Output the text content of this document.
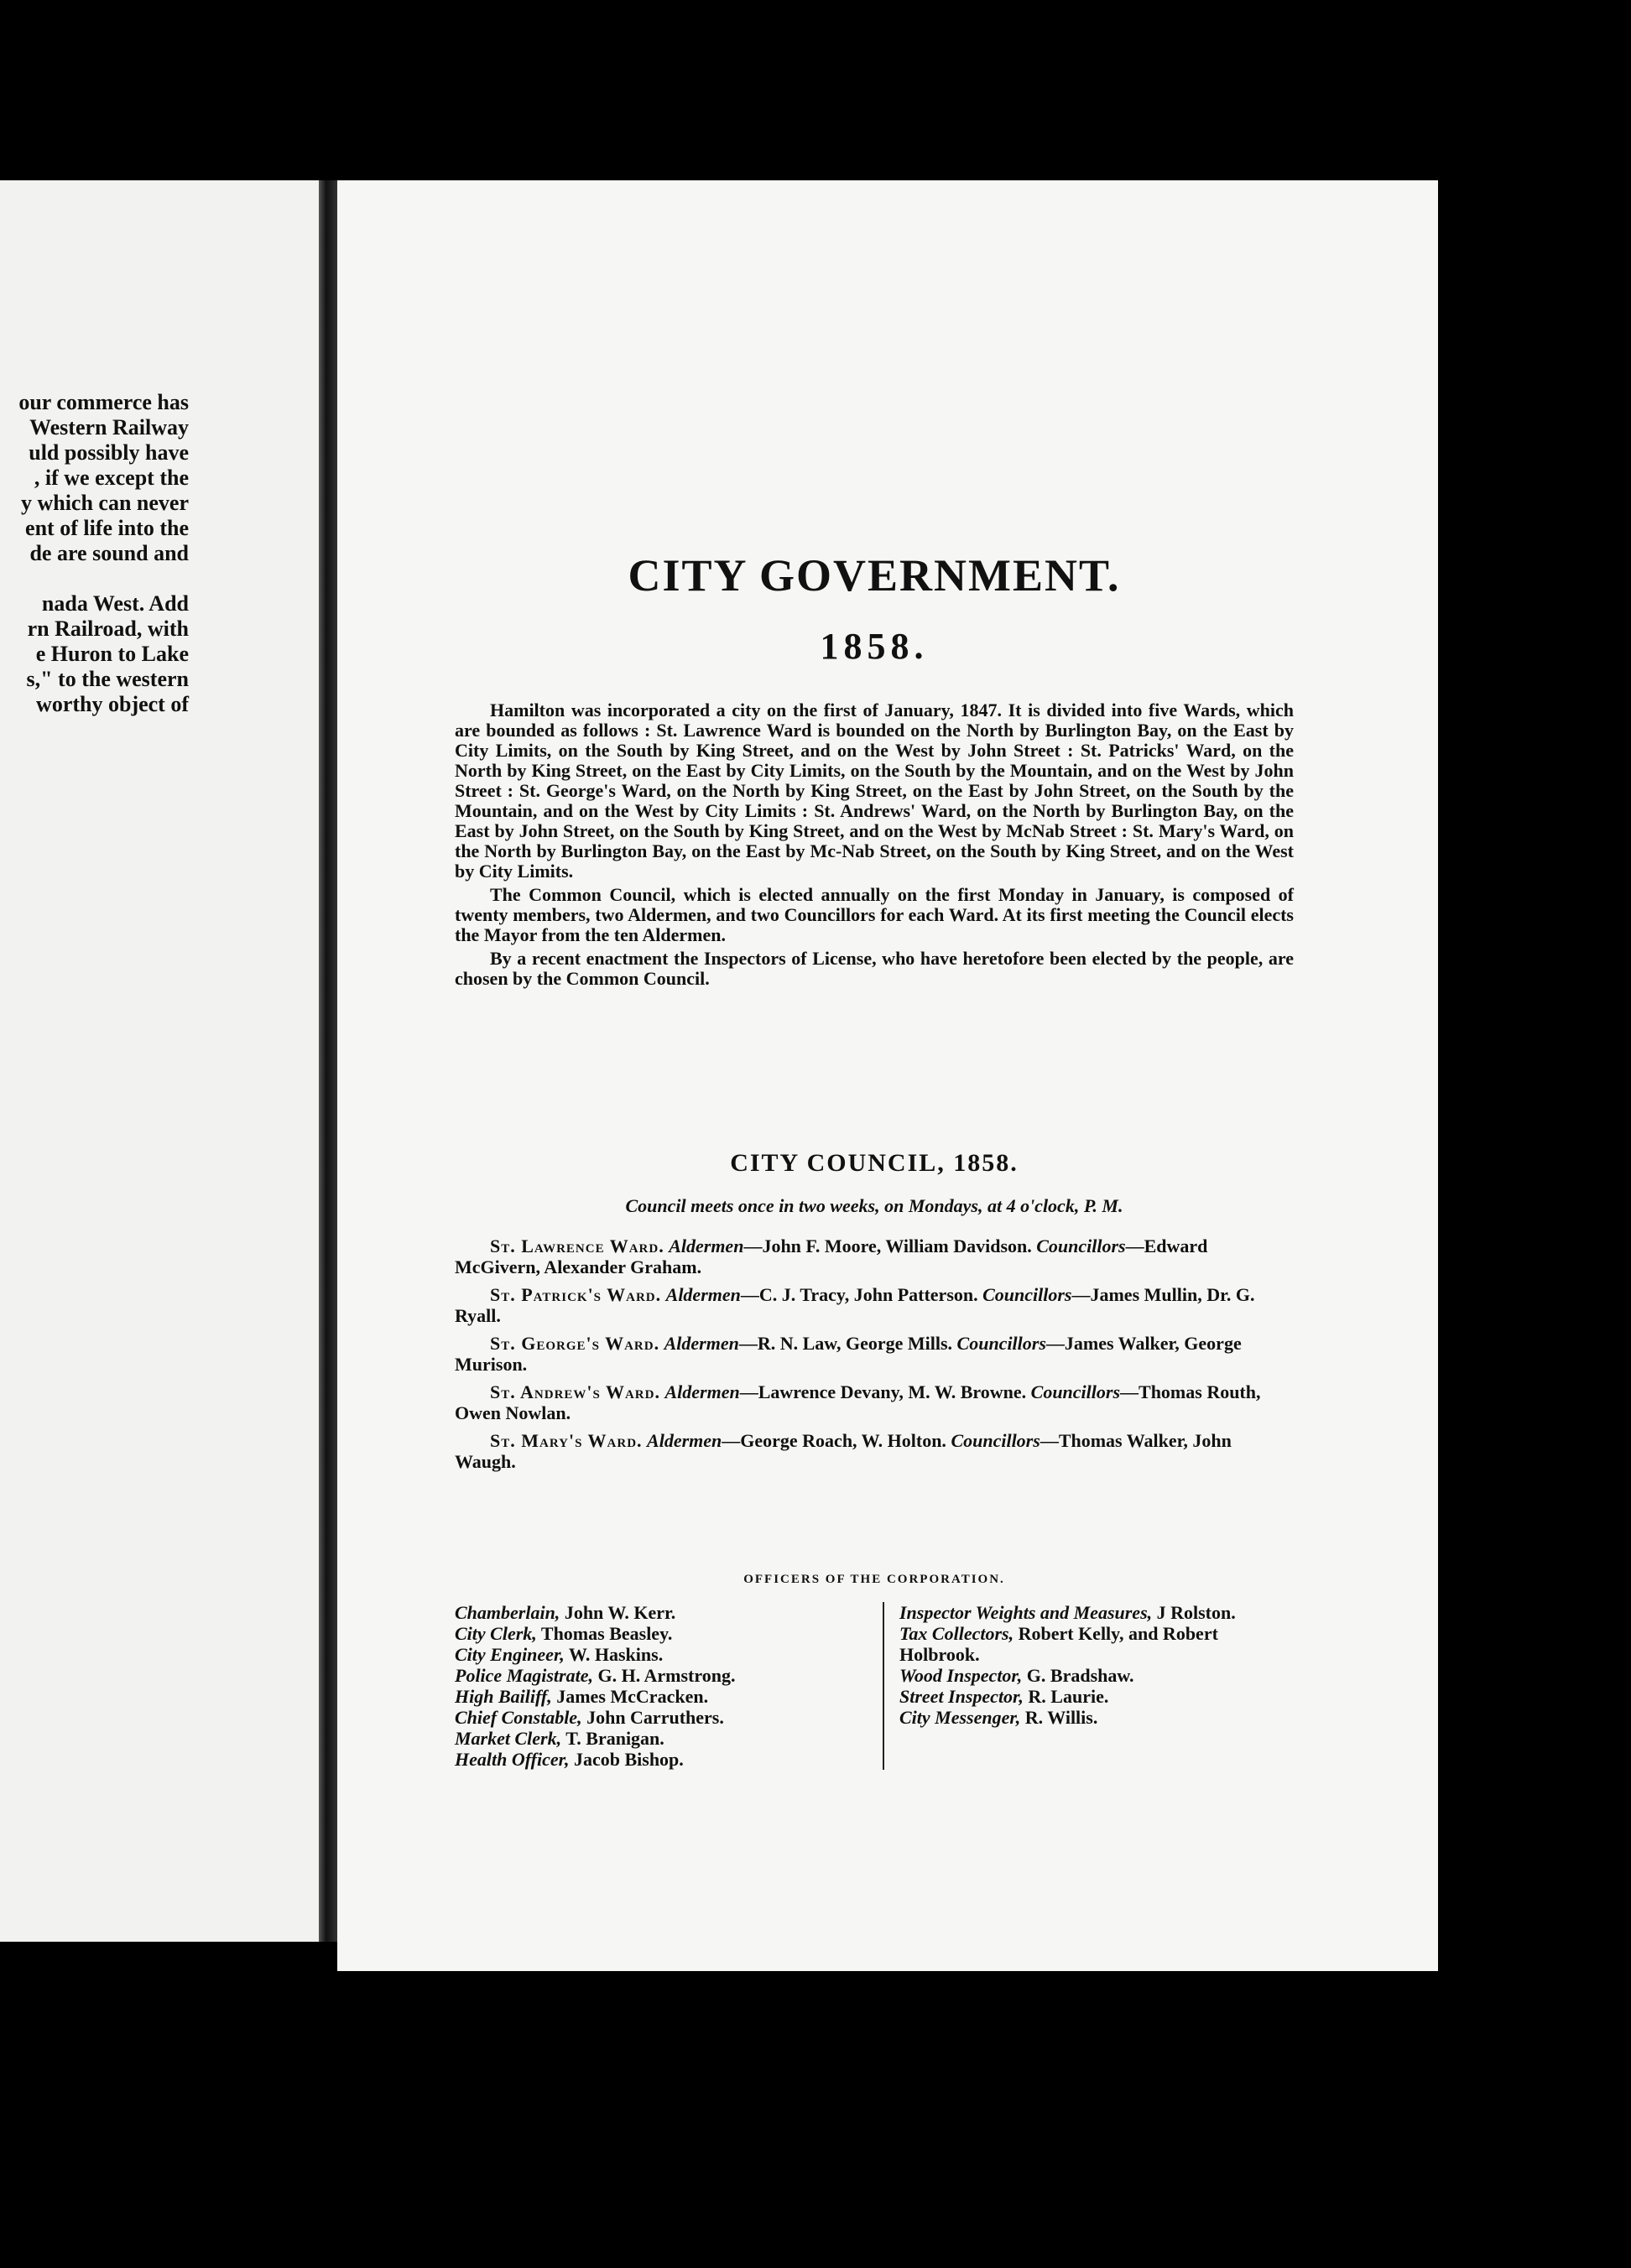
our commerce has
Western Railway
uld possibly have
, if we except the
y which can never
ent of life into the
de are sound and

nada West. Add
rn Railroad, with
e Huron to Lake
s," to the western
worthy object of
CITY GOVERNMENT.
1858.

Hamilton was incorporated a city on the first of January, 1847. It is divided into five Wards, which are bounded as follows : St. Lawrence Ward is bounded on the North by Burlington Bay, on the East by City Limits, on the South by King Street, and on the West by John Street : St. Patricks' Ward, on the North by King Street, on the East by City Limits, on the South by the Mountain, and on the West by John Street : St. George's Ward, on the North by King Street, on the East by John Street, on the South by the Mountain, and on the West by City Limits : St. Andrews' Ward, on the North by Burlington Bay, on the East by John Street, on the South by King Street, and on the West by McNab Street : St. Mary's Ward, on the North by Burlington Bay, on the East by Mc-Nab Street, on the South by King Street, and on the West by City Limits.

The Common Council, which is elected annually on the first Monday in January, is composed of twenty members, two Aldermen, and two Councillors for each Ward. At its first meeting the Council elects the Mayor from the ten Aldermen.

By a recent enactment the Inspectors of License, who have heretofore been elected by the people, are chosen by the Common Council.

CITY COUNCIL, 1858.
Council meets once in two weeks, on Mondays, at 4 o'clock, P. M.
St. Lawrence Ward. Aldermen—John F. Moore, William Davidson. Councillors—Edward McGivern, Alexander Graham.
St. Patrick's Ward. Aldermen—C. J. Tracy, John Patterson. Councillors—James Mullin, Dr. G. Ryall.
St. George's Ward. Aldermen—R. N. Law, George Mills. Councillors—James Walker, George Murison.
St. Andrew's Ward. Aldermen—Lawrence Devany, M. W. Browne. Councillors—Thomas Routh, Owen Nowlan.
St. Mary's Ward. Aldermen—George Roach, W. Holton. Councillors—Thomas Walker, John Waugh.
OFFICERS OF THE CORPORATION.
Chamberlain, John W. Kerr.
City Clerk, Thomas Beasley.
City Engineer, W. Haskins.
Police Magistrate, G. H. Armstrong.
High Bailiff, James McCracken.
Chief Constable, John Carruthers.
Market Clerk, T. Branigan.
Health Officer, Jacob Bishop.
Inspector Weights and Measures, J Rolston.
Tax Collectors, Robert Kelly, and Robert Holbrook.
Wood Inspector, G. Bradshaw.
Street Inspector, R. Laurie.
City Messenger, R. Willis.
